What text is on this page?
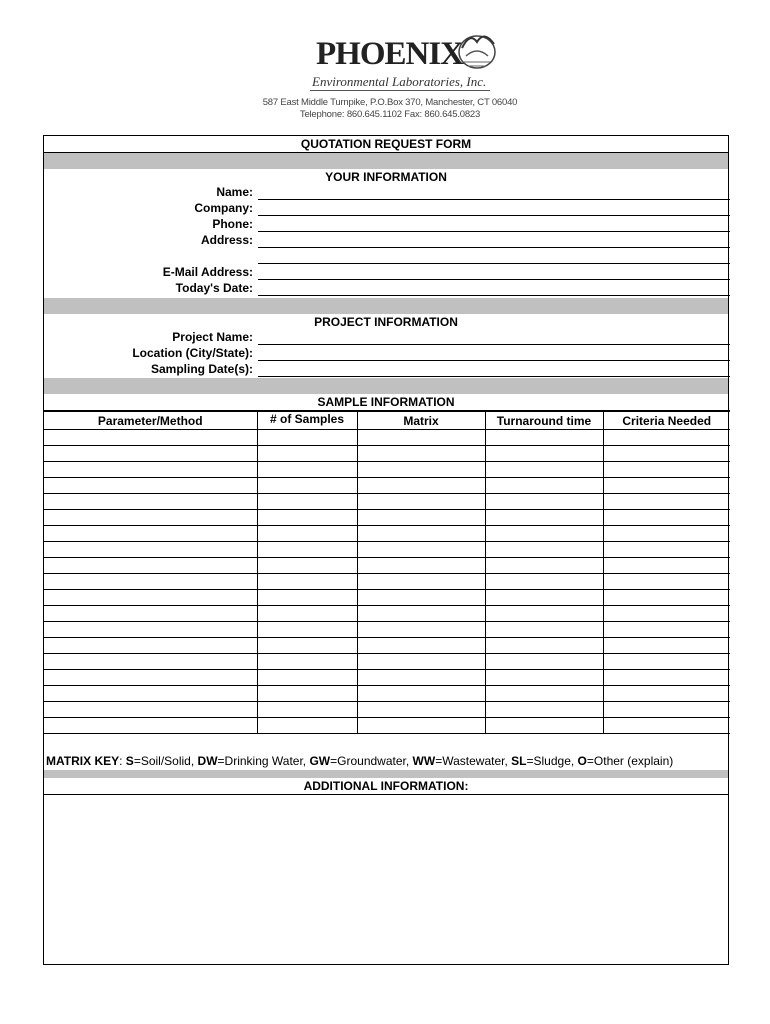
PHOENIX
Environmental Laboratories, Inc.
587 East Middle Turnpike, P.O.Box 370, Manchester, CT 06040
Telephone: 860.645.1102 Fax: 860.645.0823
QUOTATION REQUEST FORM
YOUR INFORMATION
Name:
Company:
Phone:
Address:
E-Mail Address:
Today's Date:
PROJECT INFORMATION
Project Name:
Location (City/State):
Sampling Date(s):
SAMPLE INFORMATION
Parameter/Method	# of Samples	Matrix	Turnaround time	Criteria Needed

MATRIX KEY: S=Soil/Solid, DW=Drinking Water, GW=Groundwater, WW=Wastewater, SL=Sludge, O=Other (explain)
ADDITIONAL INFORMATION:
